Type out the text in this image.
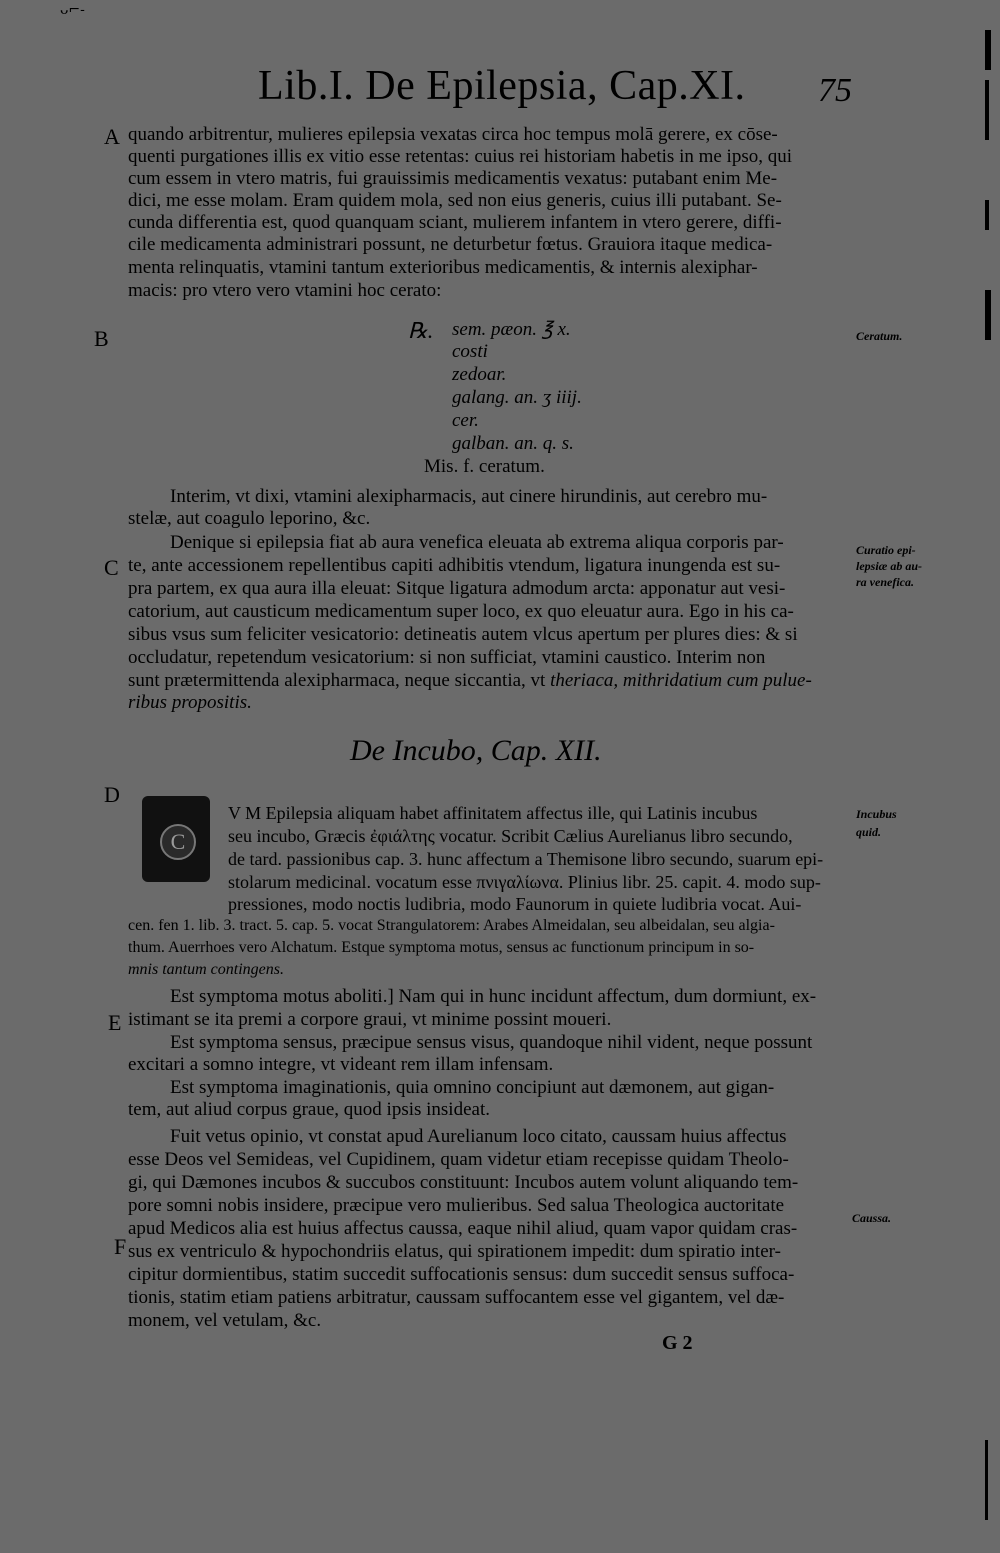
ᴗ⌐-
Lib.I. De Epilepsia, Cap.XI. 75
A
B
C
D
E
F
quando arbitrentur, mulieres epilepsia vexatas circa hoc tempus molā gerere, ex cōse-
quenti purgationes illis ex vitio esse retentas: cuius rei historiam habetis in me ipso, qui
cum essem in vtero matris, fui grauissimis medicamentis vexatus: putabant enim Me-
dici, me esse molam. Eram quidem mola, sed non eius generis, cuius illi putabant. Se-
cunda differentia est, quod quanquam sciant, mulierem infantem in vtero gerere, diffi-
cile medicamenta administrari possunt, ne deturbetur fœtus. Grauiora itaque medica-
menta relinquatis, vtamini tantum exterioribus medicamentis, & internis alexiphar-
macis: pro vtero vero vtamini hoc cerato:
℞. sem. pæon. ℥ x.
costi
zedoar.
galang. an. ʒ iiij.
cer.
galban. an. q. s.
Mis. f. ceratum.
Ceratum.
Curatio epi-
lepsiæ ab au-
ra venefica.
Incubus
quid.
Caussa.
Interim, vt dixi, vtamini alexipharmacis, aut cinere hirundinis, aut cerebro mu-
stelæ, aut coagulo leporino, &c.
Denique si epilepsia fiat ab aura venefica eleuata ab extrema aliqua corporis par-
te, ante accessionem repellentibus capiti adhibitis vtendum, ligatura inungenda est su-
pra partem, ex qua aura illa eleuat: Sitque ligatura admodum arcta: apponatur aut vesi-
catorium, aut causticum medicamentum super loco, ex quo eleuatur aura. Ego in his ca-
sibus vsus sum feliciter vesicatorio: detineatis autem vlcus apertum per plures dies: & si
occludatur, repetendum vesicatorium: si non sufficiat, vtamini caustico. Interim non
sunt prætermittenda alexipharmaca, neque siccantia, vt theriaca, mithridatium cum pulue-
ribus propositis.
De Incubo, Cap. XII.
C
V M Epilepsia aliquam habet affinitatem affectus ille, qui Latinis incubus
seu incubo, Græcis ἐφιάλτης vocatur. Scribit Cælius Aurelianus libro secundo,
de tard. passionibus cap. 3. hunc affectum a Themisone libro secundo, suarum epi-
stolarum medicinal. vocatum esse πνιγαλίωνα. Plinius libr. 25. capit. 4. modo sup-
pressiones, modo noctis ludibria, modo Faunorum in quiete ludibria vocat. Aui-
cen. fen 1. lib. 3. tract. 5. cap. 5. vocat Strangulatorem: Arabes Almeidalan, seu albeidalan, seu algia-
thum. Auerrhoes vero Alchatum. Estque symptoma motus, sensus ac functionum principum in so-
mnis tantum contingens.
Est symptoma motus aboliti.] Nam qui in hunc incidunt affectum, dum dormiunt, ex-
istimant se ita premi a corpore graui, vt minime possint moueri.
Est symptoma sensus, præcipue sensus visus, quandoque nihil vident, neque possunt
excitari a somno integre, vt videant rem illam infensam.
Est symptoma imaginationis, quia omnino concipiunt aut dæmonem, aut gigan-
tem, aut aliud corpus graue, quod ipsis insideat.
Fuit vetus opinio, vt constat apud Aurelianum loco citato, caussam huius affectus
esse Deos vel Semideas, vel Cupidinem, quam videtur etiam recepisse quidam Theolo-
gi, qui Dæmones incubos & succubos constituunt: Incubos autem volunt aliquando tem-
pore somni nobis insidere, præcipue vero mulieribus. Sed salua Theologica auctoritate
apud Medicos alia est huius affectus caussa, eaque nihil aliud, quam vapor quidam cras-
sus ex ventriculo & hypochondriis elatus, qui spirationem impedit: dum spiratio inter-
cipitur dormientibus, statim succedit suffocationis sensus: dum succedit sensus suffoca-
tionis, statim etiam patiens arbitratur, caussam suffocantem esse vel gigantem, vel dæ-
monem, vel vetulam, &c.
G 2
